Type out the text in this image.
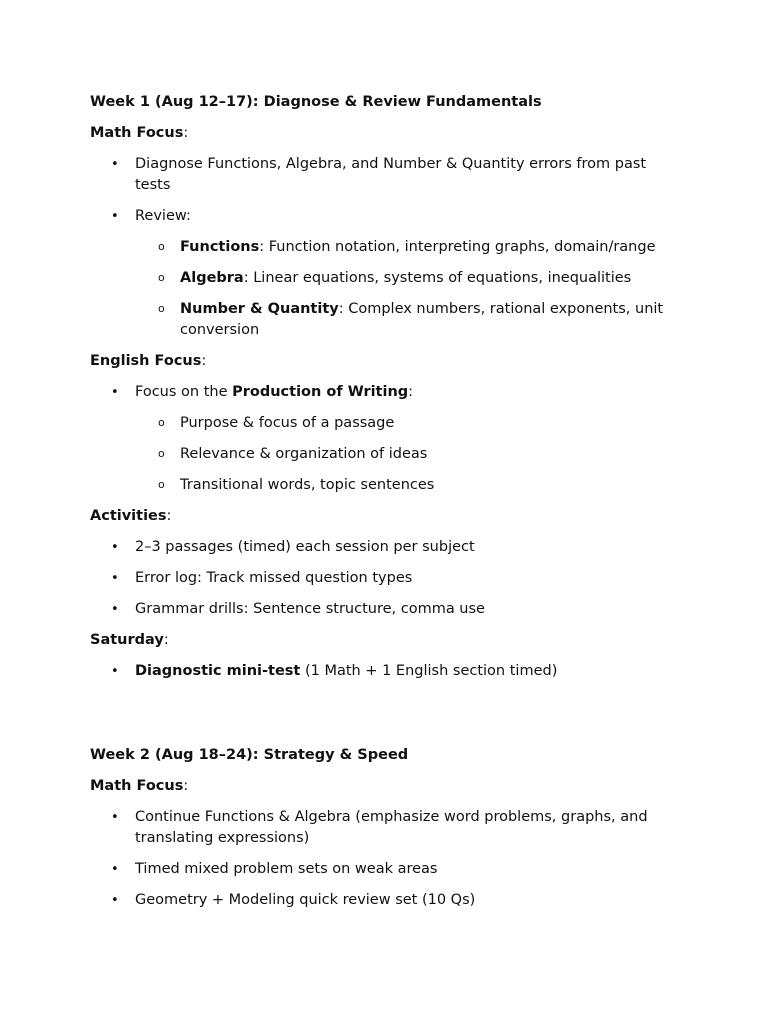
Week 1 (Aug 12–17): Diagnose & Review Fundamentals

Math Focus:

• Diagnose Functions, Algebra, and Number & Quantity errors from past tests
• Review:
o Functions: Function notation, interpreting graphs, domain/range
o Algebra: Linear equations, systems of equations, inequalities
o Number & Quantity: Complex numbers, rational exponents, unit conversion

English Focus:

• Focus on the Production of Writing:
o Purpose & focus of a passage
o Relevance & organization of ideas
o Transitional words, topic sentences

Activities:

• 2–3 passages (timed) each session per subject
• Error log: Track missed question types
• Grammar drills: Sentence structure, comma use

Saturday:

• Diagnostic mini-test (1 Math + 1 English section timed)

Week 2 (Aug 18–24): Strategy & Speed

Math Focus:

• Continue Functions & Algebra (emphasize word problems, graphs, and translating expressions)
• Timed mixed problem sets on weak areas
• Geometry + Modeling quick review set (10 Qs)
